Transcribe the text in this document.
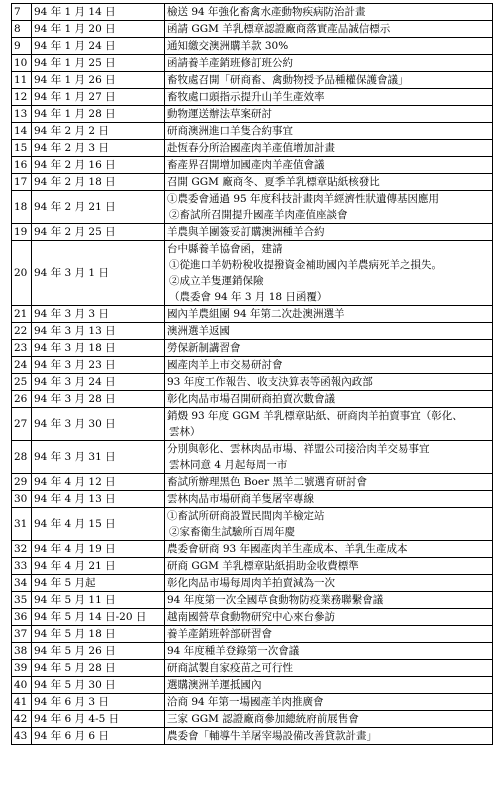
7	94 年 1 月 14 日	檢送 94 年強化畜禽水產動物疾病防治計畫

8	94 年 1 月 20 日	函請 GGM 羊乳標章認證廠商落實產品誠信標示

9	94 年 1 月 24 日	通知繳交澳洲購羊款 30%

10	94 年 1 月 25 日	函請養羊產銷班修訂班公約

11	94 年 1 月 26 日	畜牧處召開「研商畜、禽動物授予品種權保護會議」

12	94 年 1 月 27 日	畜牧處口頭指示提升山羊生產效率

13	94 年 1 月 28 日	動物運送辦法草案研討

14	94 年 2 月 2 日	研商澳洲進口羊隻合約事宜

15	94 年 2 月 3 日	赴恆春分所洽國產肉羊產值增加計畫

16	94 年 2 月 16 日	畜產界召開增加國產肉羊產值會議

17	94 年 2 月 18 日	召開 GGM 廠商冬、夏季羊乳標章貼紙核發比

18	94 年 2 月 21 日	①農委會通過 95 年度科技計畫肉羊經濟性狀遺傳基因應用
②畜試所召開提升國產羊肉產值座談會

19	94 年 2 月 25 日	羊農與羊團簽妥訂購澳洲種羊合約

20	94 年 3 月 1 日	台中縣養羊協會函，建請
①從進口羊奶粉稅收提撥資金補助國內羊農病死羊之損失。
②成立羊隻運銷保險
（農委會 94 年 3 月 18 日函覆）

21	94 年 3 月 3 日	國內羊農組團 94 年第二次赴澳洲選羊

22	94 年 3 月 13 日	澳洲選羊返國

23	94 年 3 月 18 日	勞保新制講習會

24	94 年 3 月 23 日	國產肉羊上市交易研討會

25	94 年 3 月 24 日	93 年度工作報告、收支決算表等函報內政部

26	94 年 3 月 28 日	彰化肉品市場召開研商拍賣次數會議

27	94 年 3 月 30 日	銷燬 93 年度 GGM 羊乳標章貼紙、研商肉羊拍賣事宜（彰化、
雲林）

28	94 年 3 月 31 日	分別與彰化、雲林肉品市場、祥盟公司接洽肉羊交易事宜
雲林同意 4 月起每周一市

29	94 年 4 月 12 日	畜試所辦理黑色 Boer 黑羊二號選育研討會

30	94 年 4 月 13 日	雲林肉品市場研商羊隻屠宰專線

31	94 年 4 月 15 日	①畜試所研商設置民間肉羊檢定站
②家畜衛生試驗所百周年慶

32	94 年 4 月 19 日	農委會研商 93 年國產肉羊生產成本、羊乳生產成本

33	94 年 4 月 21 日	研商 GGM 羊乳標章貼紙捐助金收費標準

34	94 年 5 月起	彰化肉品市場每周肉羊拍賣減為一次

35	94 年 5 月 11 日	94 年度第一次全國草食動物防疫業務聯繫會議

36	94 年 5 月 14 日-20 日	越南國營草食動物研究中心來台參訪

37	94 年 5 月 18 日	養羊產銷班幹部研習會

38	94 年 5 月 26 日	94 年度種羊登錄第一次會議

39	94 年 5 月 28 日	研商試製自家疫苗之可行性

40	94 年 5 月 30 日	選購澳洲羊運抵國內

41	94 年 6 月 3 日	洽商 94 年第一場國產羊肉推廣會

42	94 年 6 月 4-5 日	三家 GGM 認證廠商參加總統府前展售會

43	94 年 6 月 6 日	農委會「輔導牛羊屠宰場設備改善貸款計畫」
